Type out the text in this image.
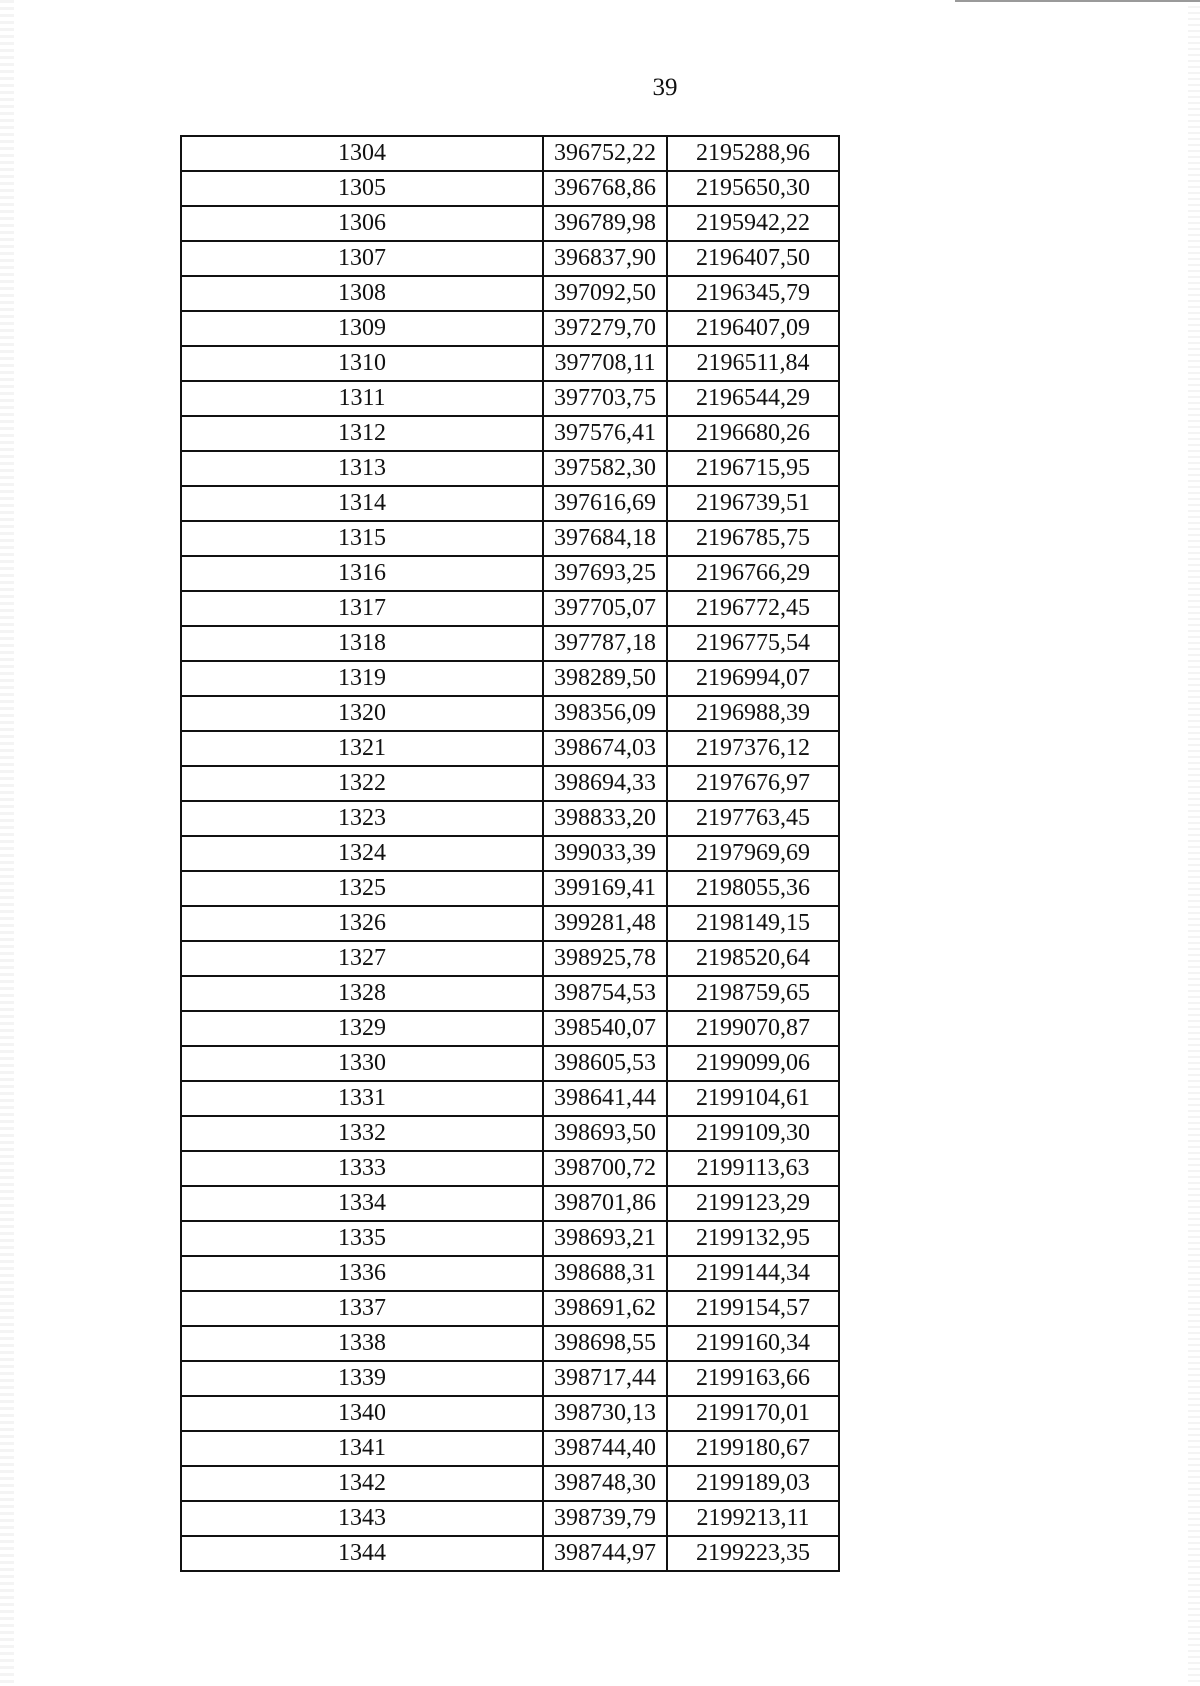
39
1304	396752,22	2195288,96
1305	396768,86	2195650,30
1306	396789,98	2195942,22
1307	396837,90	2196407,50
1308	397092,50	2196345,79
1309	397279,70	2196407,09
1310	397708,11	2196511,84
1311	397703,75	2196544,29
1312	397576,41	2196680,26
1313	397582,30	2196715,95
1314	397616,69	2196739,51
1315	397684,18	2196785,75
1316	397693,25	2196766,29
1317	397705,07	2196772,45
1318	397787,18	2196775,54
1319	398289,50	2196994,07
1320	398356,09	2196988,39
1321	398674,03	2197376,12
1322	398694,33	2197676,97
1323	398833,20	2197763,45
1324	399033,39	2197969,69
1325	399169,41	2198055,36
1326	399281,48	2198149,15
1327	398925,78	2198520,64
1328	398754,53	2198759,65
1329	398540,07	2199070,87
1330	398605,53	2199099,06
1331	398641,44	2199104,61
1332	398693,50	2199109,30
1333	398700,72	2199113,63
1334	398701,86	2199123,29
1335	398693,21	2199132,95
1336	398688,31	2199144,34
1337	398691,62	2199154,57
1338	398698,55	2199160,34
1339	398717,44	2199163,66
1340	398730,13	2199170,01
1341	398744,40	2199180,67
1342	398748,30	2199189,03
1343	398739,79	2199213,11
1344	398744,97	2199223,35
